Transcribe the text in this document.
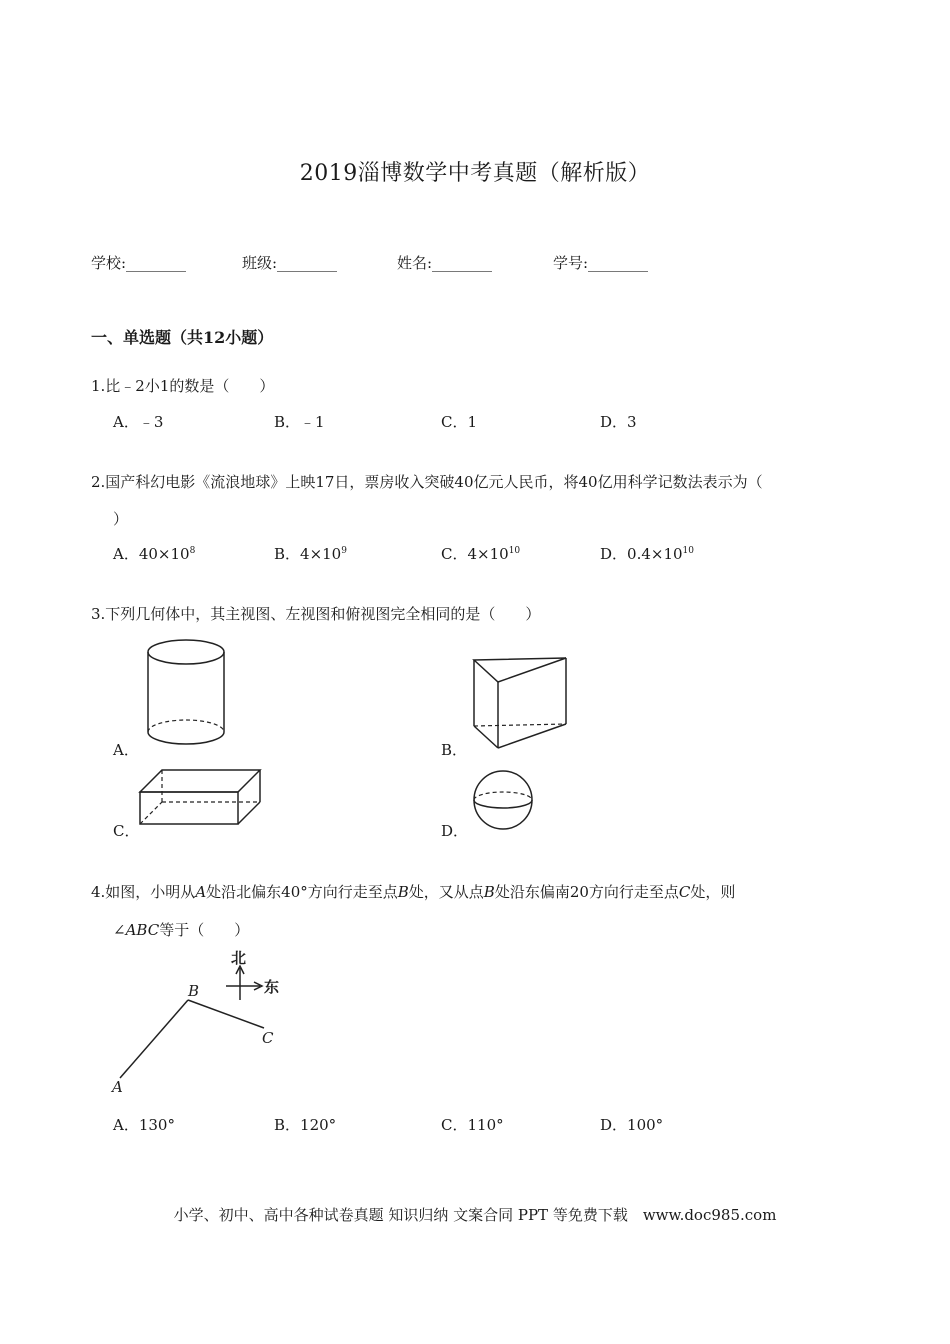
2019淄博数学中考真题（解析版）
学校:________	班级:________	姓名:________	学号:________
一、单选题（共12小题）
1.比﹣2小1的数是（　　）
A．﹣3	B．﹣1	C．1	D．3
2.国产科幻电影《流浪地球》上映17日，票房收入突破40亿元人民币，将40亿用科学记数法表示为（
）
A．$40\times 10^8$	B．$4\times 10^9$	C．$4\times 10^{10}$	D．$0.4\times 10^{10}$
3.下列几何体中，其主视图、左视图和俯视图完全相同的是（　　）
A．	B．
C．	D．
4.如图，小明从A处沿北偏东40°方向行走至点B处，又从点B处沿东偏南20方向行走至点C处，则
∠ABC等于（　　）
北
东
B
C
A
A．130°	B．120°	C．110°	D．100°
小学、初中、高中各种试卷真题 知识归纳 文案合同 PPT 等免费下载　www.doc985.com
